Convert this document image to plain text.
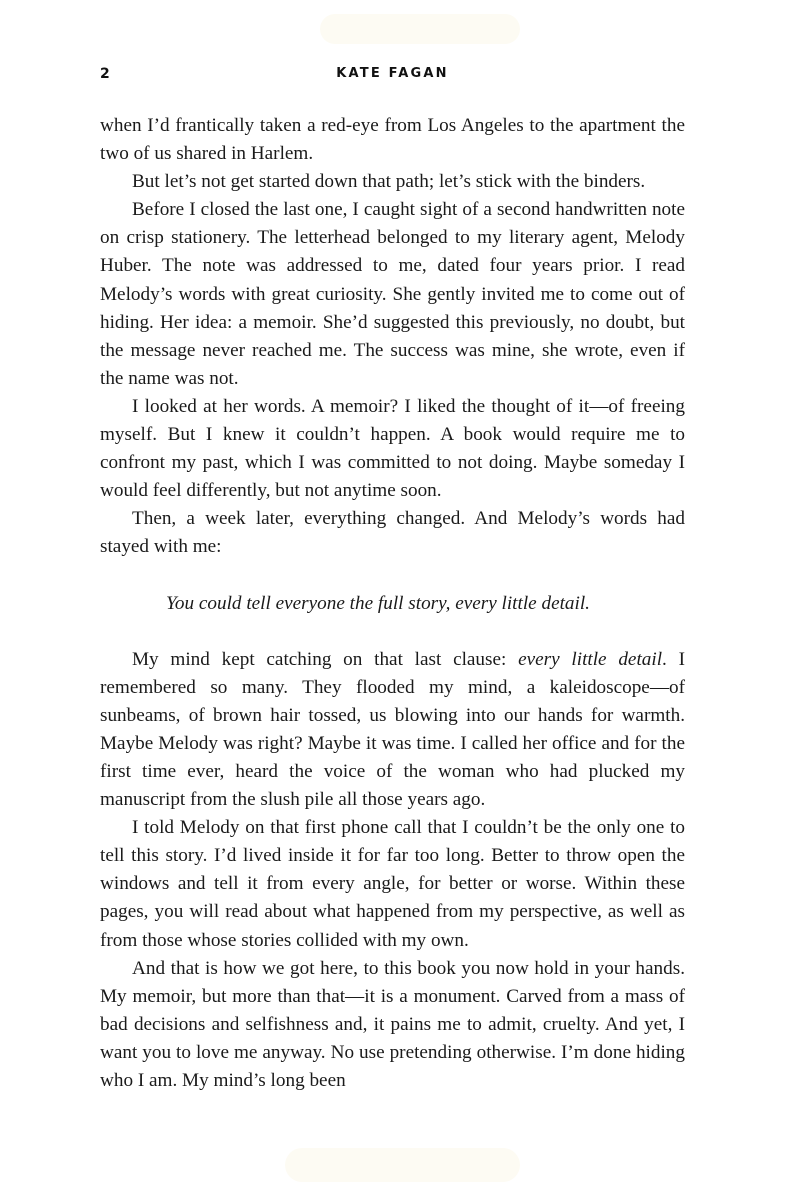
2	KATE FAGAN

when I’d frantically taken a red-eye from Los Angeles to the apartment the two of us shared in Harlem.

But let’s not get started down that path; let’s stick with the binders.

Before I closed the last one, I caught sight of a second handwritten note on crisp stationery. The letterhead belonged to my literary agent, Melody Huber. The note was addressed to me, dated four years prior. I read Melody’s words with great curiosity. She gently invited me to come out of hiding. Her idea: a memoir. She’d suggested this previously, no doubt, but the message never reached me. The success was mine, she wrote, even if the name was not.

I looked at her words. A memoir? I liked the thought of it—of freeing myself. But I knew it couldn’t happen. A book would require me to confront my past, which I was committed to not doing. Maybe someday I would feel differently, but not anytime soon.

Then, a week later, everything changed. And Melody’s words had stayed with me:

You could tell everyone the full story, every little detail.

My mind kept catching on that last clause: every little detail. I remembered so many. They flooded my mind, a kaleidoscope—of sunbeams, of brown hair tossed, us blowing into our hands for warmth. Maybe Melody was right? Maybe it was time. I called her office and for the first time ever, heard the voice of the woman who had plucked my manuscript from the slush pile all those years ago.

I told Melody on that first phone call that I couldn’t be the only one to tell this story. I’d lived inside it for far too long. Better to throw open the windows and tell it from every angle, for better or worse. Within these pages, you will read about what happened from my perspective, as well as from those whose stories collided with my own.

And that is how we got here, to this book you now hold in your hands. My memoir, but more than that—it is a monument. Carved from a mass of bad decisions and selfishness and, it pains me to admit, cruelty. And yet, I want you to love me anyway. No use pretending otherwise. I’m done hiding who I am. My mind’s long been
